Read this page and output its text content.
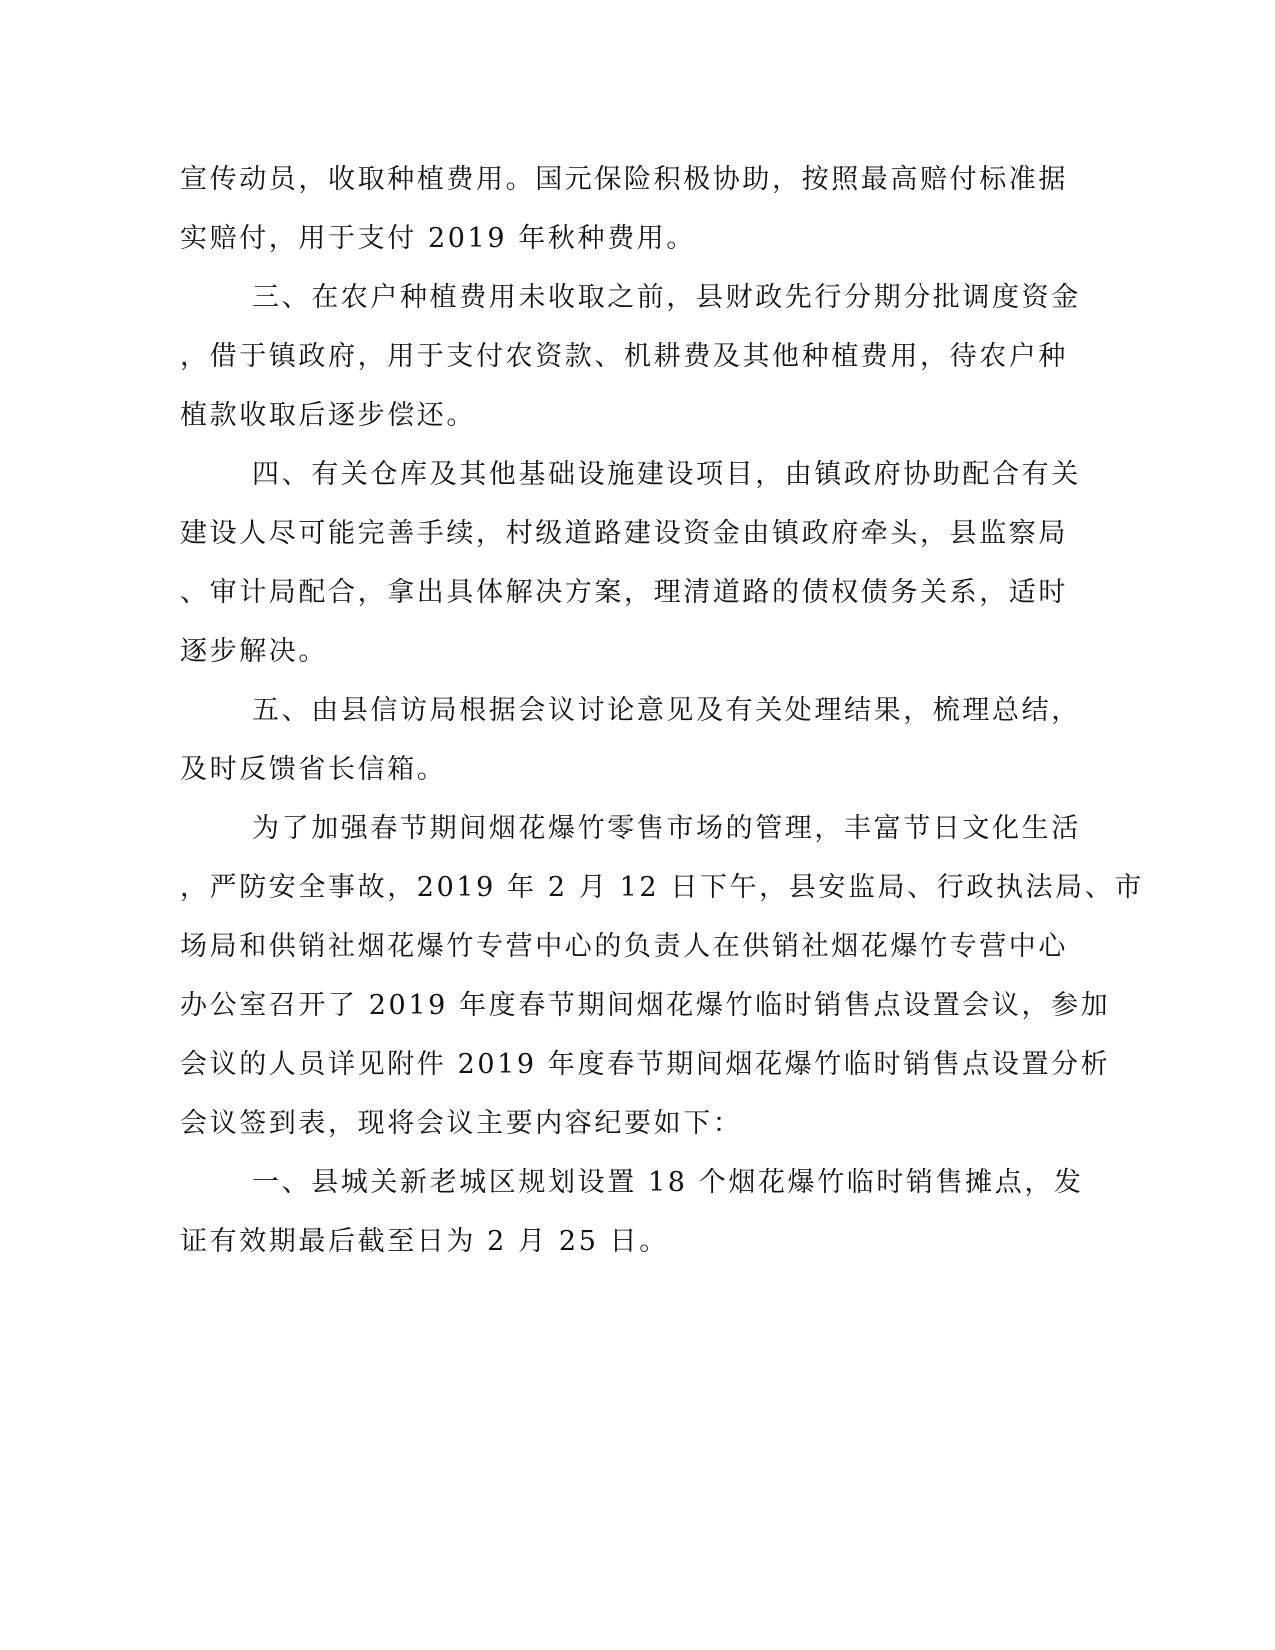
宣传动员，收取种植费用。国元保险积极协助，按照最高赔付标准据
实赔付，用于支付 2019 年秋种费用。
三、在农户种植费用未收取之前，县财政先行分期分批调度资金
，借于镇政府，用于支付农资款、机耕费及其他种植费用，待农户种
植款收取后逐步偿还。
四、有关仓库及其他基础设施建设项目，由镇政府协助配合有关
建设人尽可能完善手续，村级道路建设资金由镇政府牵头，县监察局
、审计局配合，拿出具体解决方案，理清道路的债权债务关系，适时
逐步解决。
五、由县信访局根据会议讨论意见及有关处理结果，梳理总结，
及时反馈省长信箱。
为了加强春节期间烟花爆竹零售市场的管理，丰富节日文化生活
，严防安全事故，2019 年 2 月 12 日下午，县安监局、行政执法局、市
场局和供销社烟花爆竹专营中心的负责人在供销社烟花爆竹专营中心
办公室召开了 2019 年度春节期间烟花爆竹临时销售点设置会议，参加
会议的人员详见附件 2019 年度春节期间烟花爆竹临时销售点设置分析
会议签到表，现将会议主要内容纪要如下：
一、县城关新老城区规划设置 18 个烟花爆竹临时销售摊点，发
证有效期最后截至日为 2 月 25 日。
